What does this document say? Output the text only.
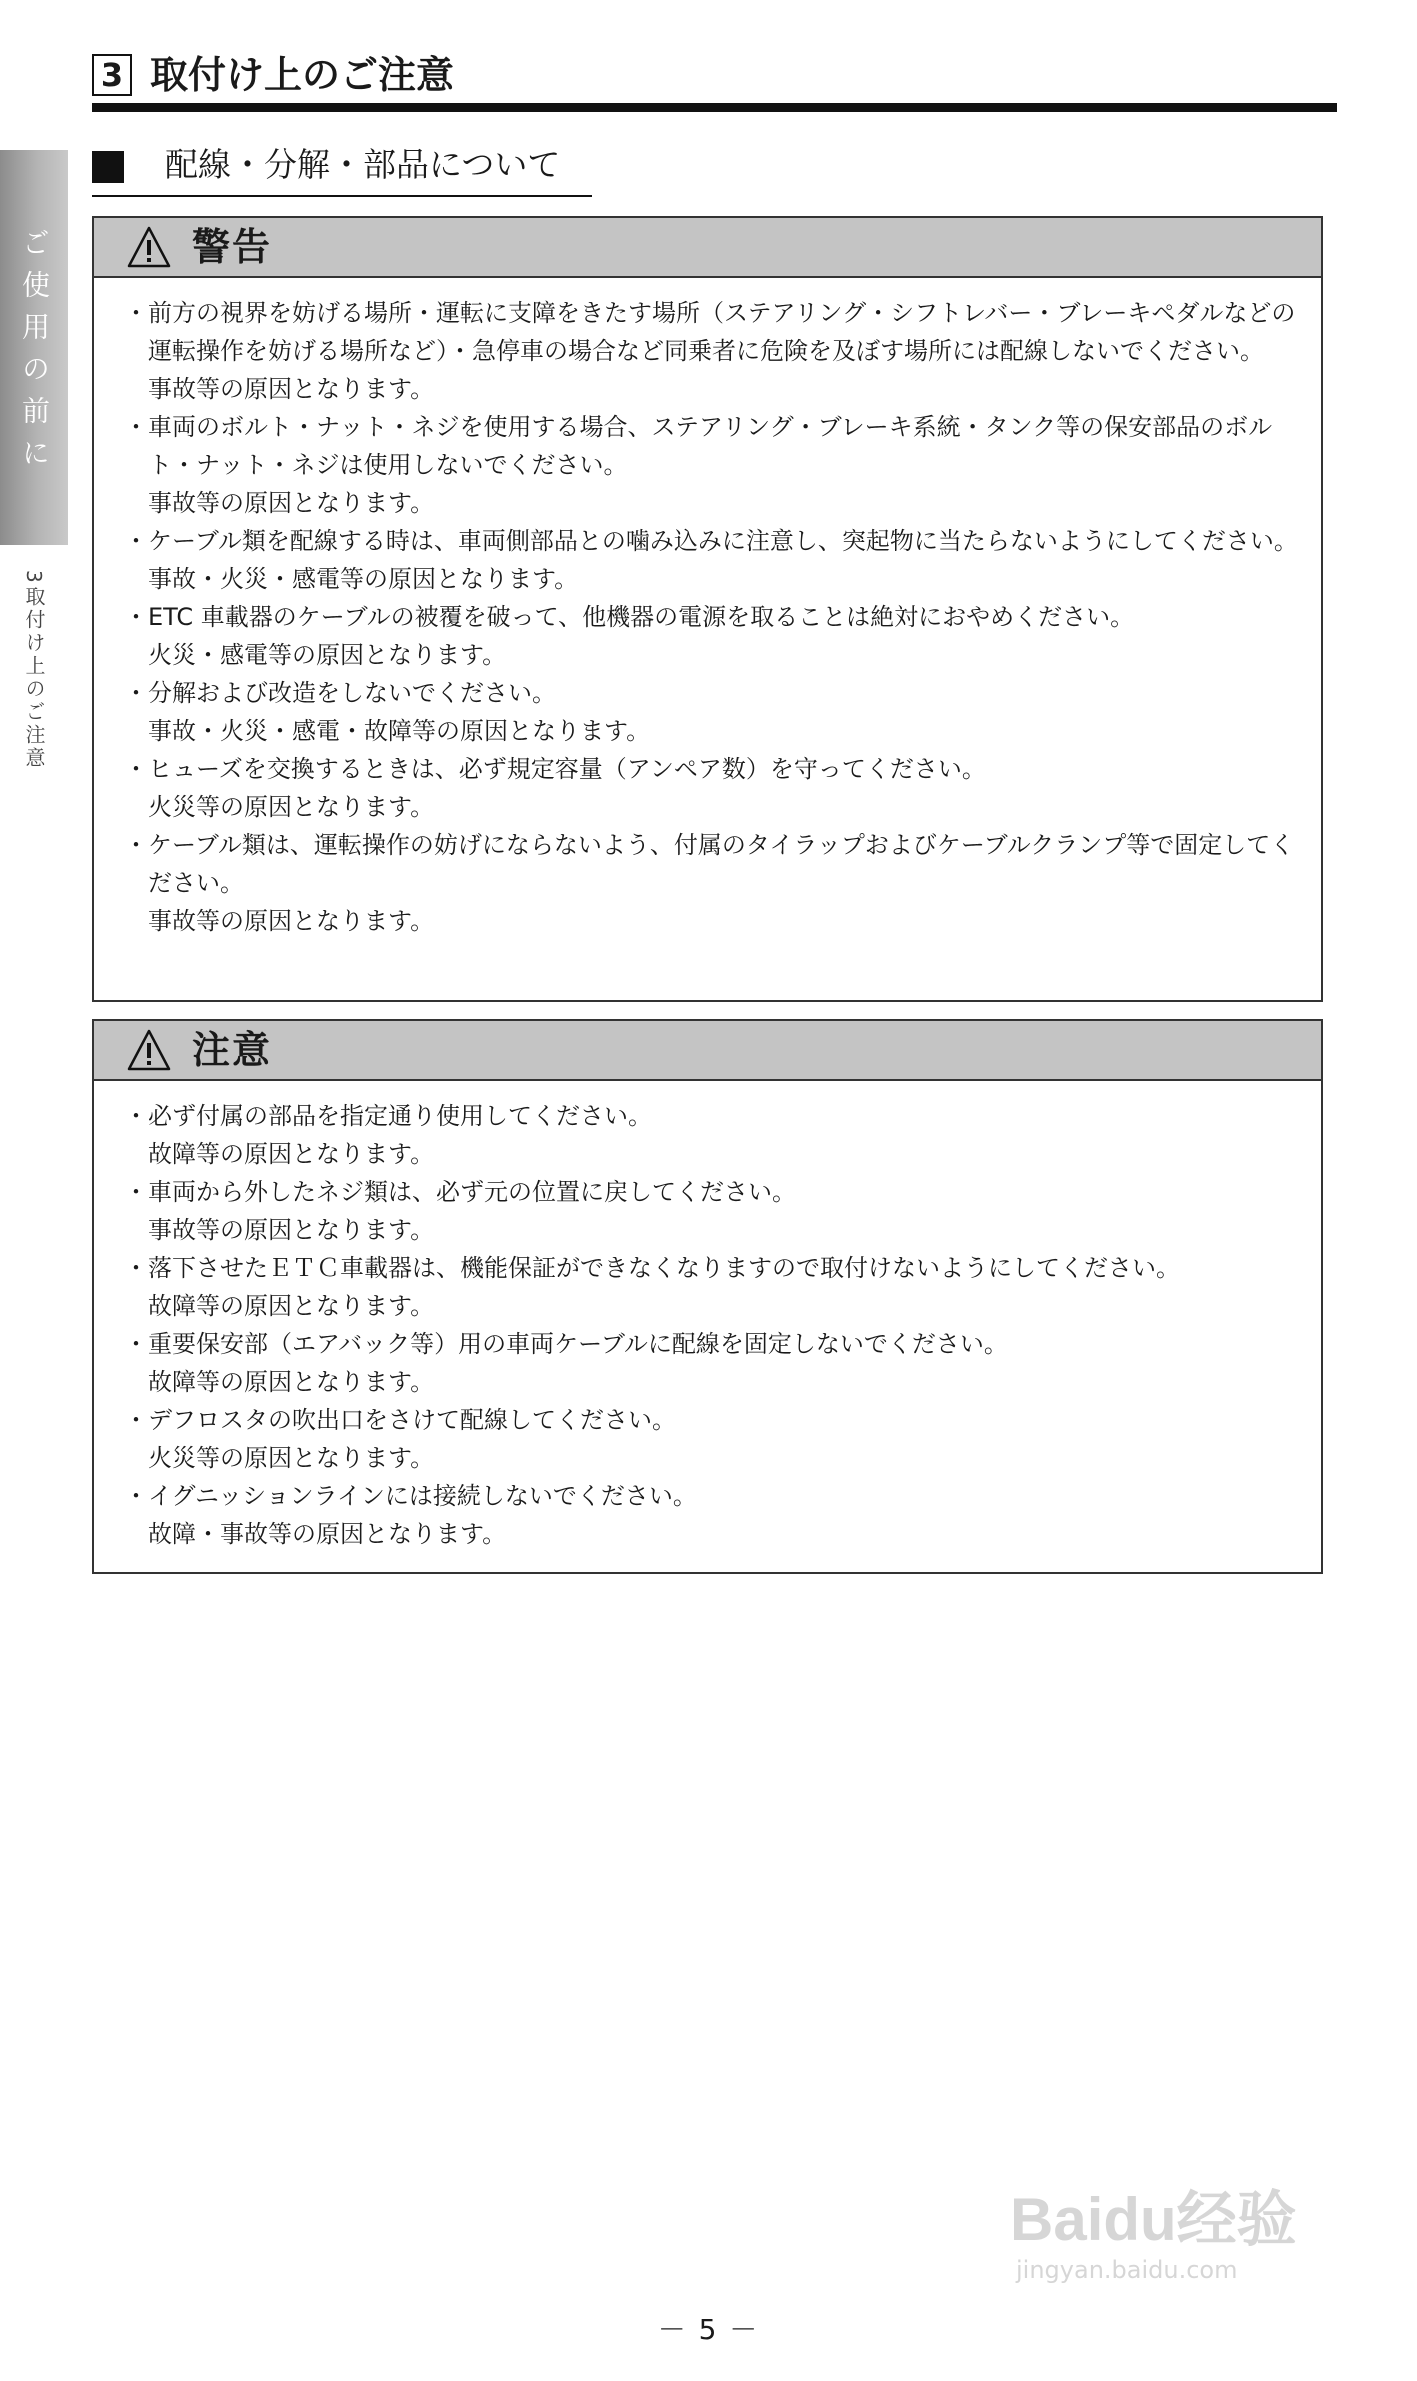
ご使用の前に
3取付け上のご注意
3 取付け上のご注意
配線・分解・部品について
警告
・ 前方の視界を妨げる場所・運転に支障をきたす場所（ステアリング・シフトレバー・ブレーキペダルなどの運転操作を妨げる場所など）・急停車の場合など同乗者に危険を及ぼす場所には配線しないでください。
事故等の原因となります。
・ 車両のボルト・ナット・ネジを使用する場合、ステアリング・ブレーキ系統・タンク等の保安部品のボルト・ナット・ネジは使用しないでください。
事故等の原因となります。
・ ケーブル類を配線する時は、車両側部品との噛み込みに注意し、突起物に当たらないようにしてください。
事故・火災・感電等の原因となります。
・ ETC 車載器のケーブルの被覆を破って、他機器の電源を取ることは絶対におやめください。
火災・感電等の原因となります。
・ 分解および改造をしないでください。
事故・火災・感電・故障等の原因となります。
・ ヒューズを交換するときは、必ず規定容量（アンペア数）を守ってください。
火災等の原因となります。
・ ケーブル類は、運転操作の妨げにならないよう、付属のタイラップおよびケーブルクランプ等で固定してください。
事故等の原因となります。
注意
・ 必ず付属の部品を指定通り使用してください。
故障等の原因となります。
・ 車両から外したネジ類は、必ず元の位置に戻してください。
事故等の原因となります。
・ 落下させたＥＴＣ車載器は、機能保証ができなくなりますので取付けないようにしてください。
故障等の原因となります。
・ 重要保安部（エアバック等）用の車両ケーブルに配線を固定しないでください。
故障等の原因となります。
・ デフロスタの吹出口をさけて配線してください。
火災等の原因となります。
・ イグニッションラインには接続しないでください。
故障・事故等の原因となります。
－ 5 －
Baidu经验
jingyan.baidu.com
